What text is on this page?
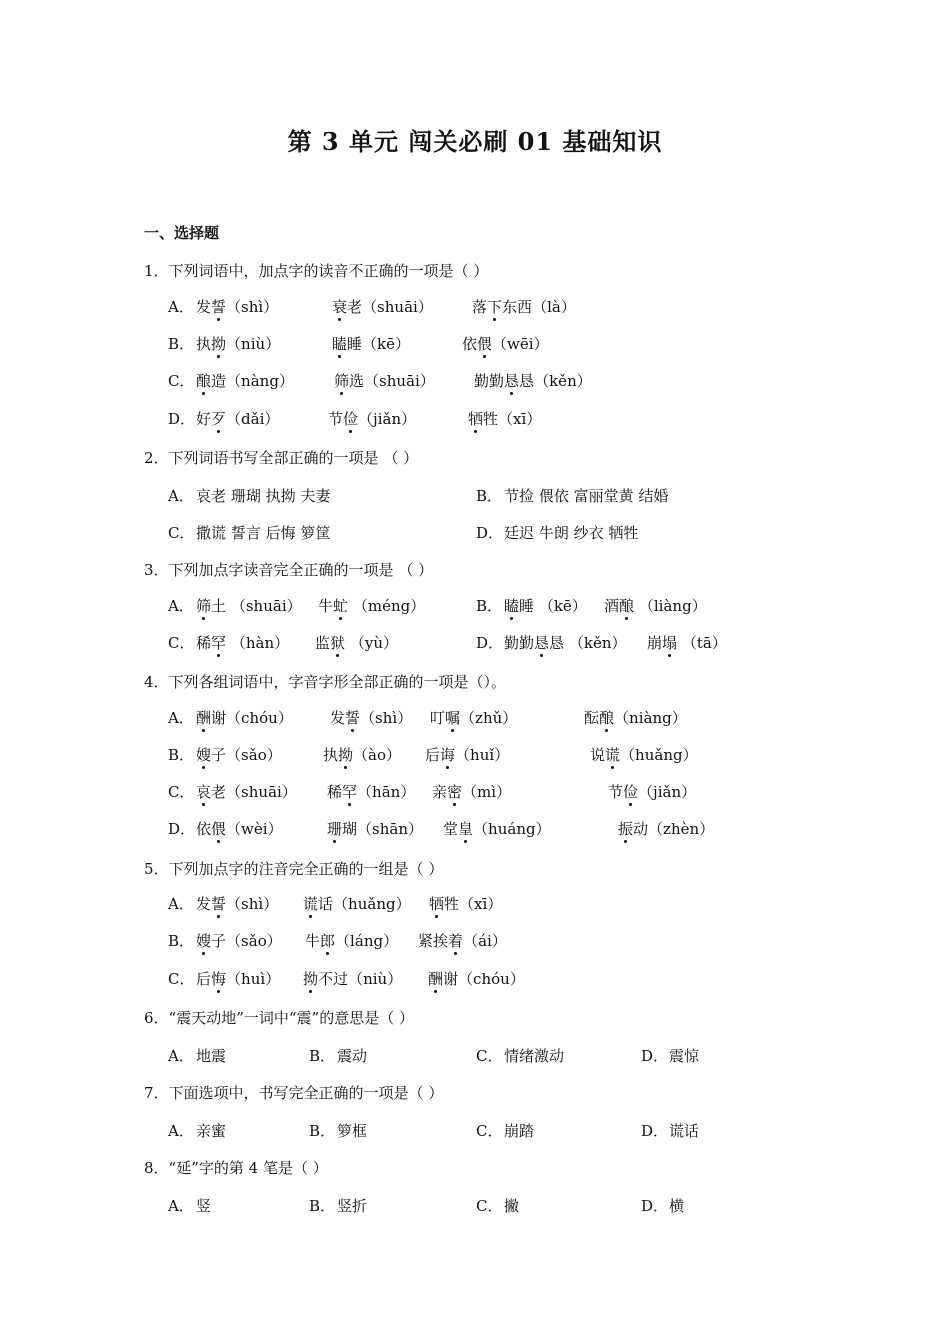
第 3 单元 闯关必刷 01 基础知识
一、选择题
1．下列词语中，加点字的读音不正确的一项是（ ）
A． 发誓（shì）	衰老（shuāi）	落下东西（là）
B． 执拗（niù）	瞌睡（kē）	依偎（wēi）
C． 酿造（nàng）	筛选（shuāi）	勤勤恳恳（kěn）
D． 好歹（dǎi）	节俭（jiǎn）	牺牲（xī）
2．下列词语书写全部正确的一项是 （ ）
A． 哀老 珊瑚 执拗 夫妻	B． 节捡 偎依 富丽堂黄 结婚
C． 撒谎 誓言 后悔 箩筐	D． 廷迟 牛朗 纱衣 牺牲
3．下列加点字读音完全正确的一项是 （ ）
A． 筛土 （shuāi） 牛虻 （méng）	B． 瞌睡 （kē） 酒酿 （liàng）
C． 稀罕 （hàn） 监狱 （yù）	D． 勤勤恳恳 （kěn） 崩塌 （tā）
4．下列各组词语中，字音字形全部正确的一项是（）。
A． 酬谢（chóu） 发誓（shì） 叮嘱（zhǔ）	酝酿（niàng）
B． 嫂子（sǎo）	执拗（ào） 后诲（huǐ）	说谎（huǎng）
C． 哀老（shuāi） 稀罕（hān） 亲密（mì）	节俭（jiǎn）
D． 依偎（wèi）	珊瑚（shān） 堂皇（huáng）	振动（zhèn）
5．下列加点字的注音完全正确的一组是（ ）
A． 发誓（shì） 谎话（huǎng） 牺牲（xī）
B． 嫂子（sǎo） 牛郎（láng） 紧挨着（ái）
C． 后悔（huì） 拗不过（niù） 酬谢（chóu）
6．“震天动地”一词中“震”的意思是（ ）
A． 地震	B． 震动	C． 情绪激动	D． 震惊
7．下面选项中，书写完全正确的一项是（ ）
A． 亲蜜	B． 箩框	C． 崩踏	D． 谎话
8．“延”字的第 4 笔是（ ）
A． 竖	B． 竖折	C． 撇	D． 横
